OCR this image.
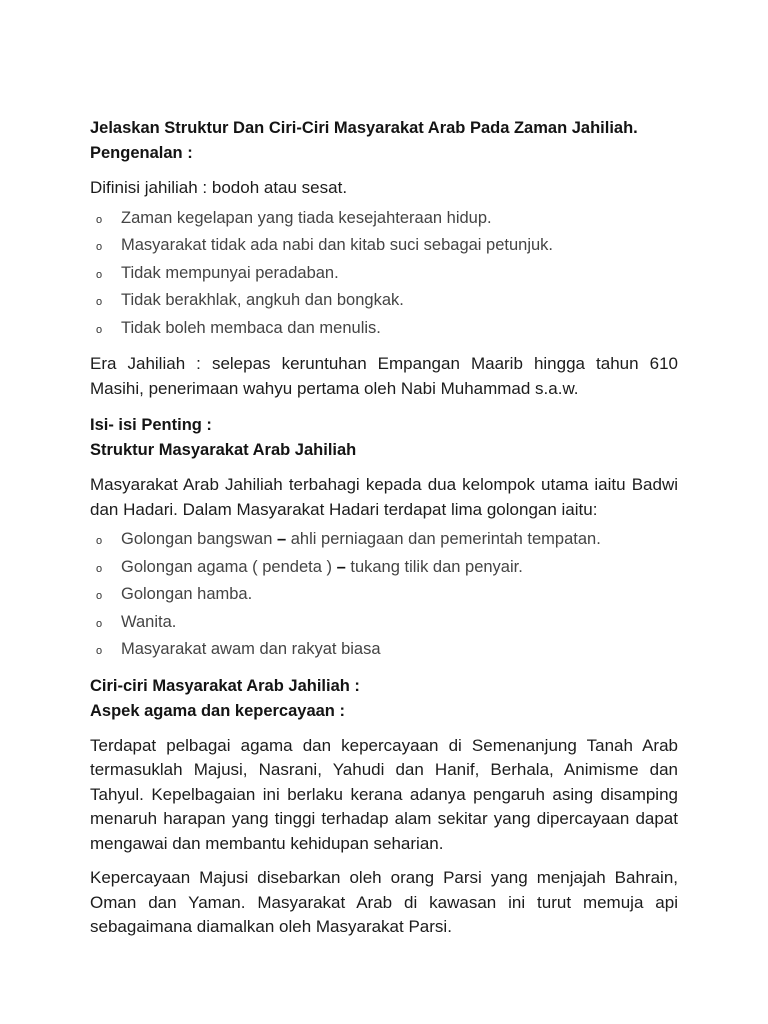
Jelaskan Struktur Dan Ciri-Ciri Masyarakat Arab Pada Zaman Jahiliah.

Pengenalan :

Difinisi jahiliah : bodoh atau sesat.

o Zaman kegelapan yang tiada kesejahteraan hidup.
o Masyarakat tidak ada nabi dan kitab suci sebagai petunjuk.
o Tidak mempunyai peradaban.
o Tidak berakhlak, angkuh dan bongkak.
o Tidak boleh membaca dan menulis.

Era Jahiliah : selepas keruntuhan Empangan Maarib hingga tahun 610 Masihi, penerimaan wahyu pertama oleh Nabi Muhammad s.a.w.

Isi- isi Penting :

Struktur Masyarakat Arab Jahiliah

Masyarakat Arab Jahiliah terbahagi kepada dua kelompok utama iaitu Badwi dan Hadari. Dalam Masyarakat Hadari terdapat lima golongan iaitu:

o Golongan bangswan – ahli perniagaan dan pemerintah tempatan.
o Golongan agama ( pendeta ) – tukang tilik dan penyair.
o Golongan hamba.
o Wanita.
o Masyarakat awam dan rakyat biasa

Ciri-ciri Masyarakat Arab Jahiliah :

Aspek agama dan kepercayaan :

Terdapat pelbagai agama dan kepercayaan di Semenanjung Tanah Arab termasuklah Majusi, Nasrani, Yahudi dan Hanif, Berhala, Animisme dan Tahyul. Kepelbagaian ini berlaku kerana adanya pengaruh asing disamping menaruh harapan yang tinggi terhadap alam sekitar yang dipercayaan dapat mengawai dan membantu kehidupan seharian.

Kepercayaan Majusi disebarkan oleh orang Parsi yang menjajah Bahrain, Oman dan Yaman. Masyarakat Arab di kawasan ini turut memuja api sebagaimana diamalkan oleh Masyarakat Parsi.
